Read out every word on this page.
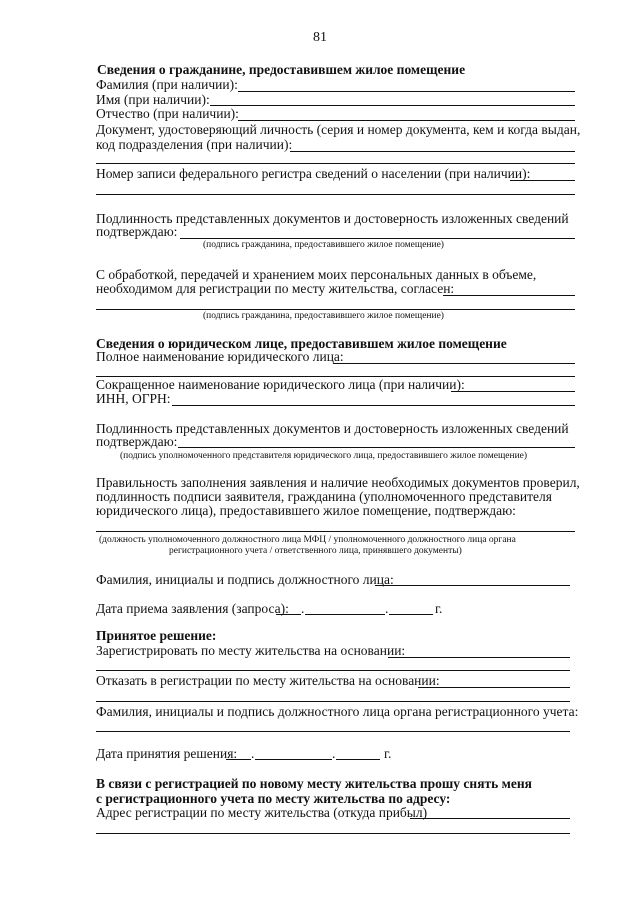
81
Сведения о гражданине, предоставившем жилое помещение
Фамилия (при наличии):
Имя (при наличии):
Отчество (при наличии):
Документ, удостоверяющий личность (серия и номер документа, кем и когда выдан,
код подразделения (при наличии):
Номер записи федерального регистра сведений о населении (при наличии):
Подлинность представленных документов и достоверность изложенных сведений
подтверждаю:
(подпись гражданина, предоставившего жилое помещение)
С обработкой, передачей и хранением моих персональных данных в объеме,
необходимом для регистрации по месту жительства, согласен:
(подпись гражданина, предоставившего жилое помещение)
Сведения о юридическом лице, предоставившем жилое помещение
Полное наименование юридического лица:
Сокращенное наименование юридического лица (при наличии):
ИНН, ОГРН:
Подлинность представленных документов и достоверность изложенных сведений
подтверждаю:
(подпись уполномоченного представителя юридического лица, предоставившего жилое помещение)
Правильность заполнения заявления и наличие необходимых документов проверил,
подлинность подписи заявителя, гражданина (уполномоченного представителя
юридического лица), предоставившего жилое помещение, подтверждаю:
(должность уполномоченного должностного лица МФЦ / уполномоченного должностного лица органа
регистрационного учета / ответственного лица, принявшего документы)
Фамилия, инициалы и подпись должностного лица:
Дата приема заявления (запроса): .	.	г.
Принятое решение:
Зарегистрировать по месту жительства на основании:
Отказать в регистрации по месту жительства на основании:
Фамилия, инициалы и подпись должностного лица органа регистрационного учета:
Дата принятия решения: .	.	г.
В связи с регистрацией по новому месту жительства прошу снять меня
с регистрационного учета по месту жительства по адресу:
Адрес регистрации по месту жительства (откуда прибыл)
